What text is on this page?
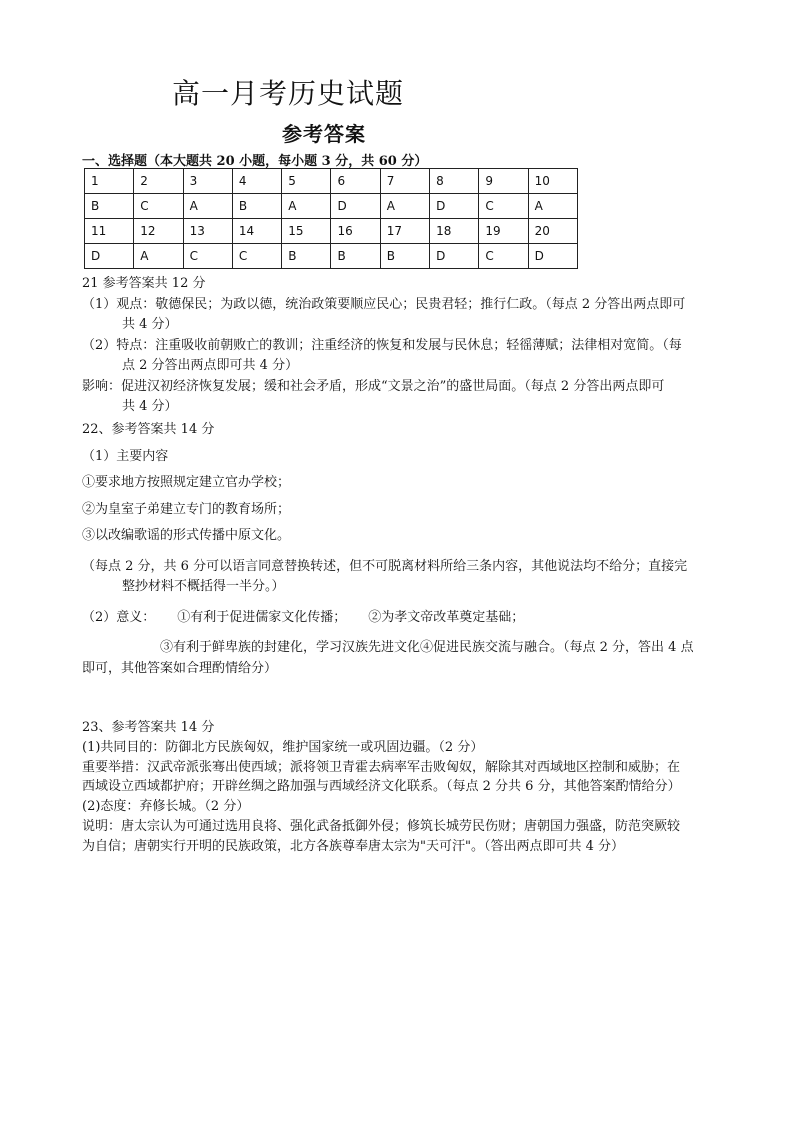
高一月考历史试题
参考答案
一、选择题（本大题共 20 小题，每小题 3 分，共 60 分）
1	2	3	4	5	6	7	8	9	10
B	C	A	B	A	D	A	D	C	A
11	12	13	14	15	16	17	18	19	20
D	A	C	C	B	B	B	D	C	D

21 参考答案共 12 分

（1）观点：敬德保民；为政以德，统治政策要顺应民心；民贵君轻；推行仁政。（每点 2 分答出两点即可

共 4 分）

（2）特点：注重吸收前朝败亡的教训；注重经济的恢复和发展与民休息；轻徭薄赋；法律相对宽简。（每

点 2 分答出两点即可共 4 分）

影响：促进汉初经济恢复发展；缓和社会矛盾，形成“文景之治”的盛世局面。（每点 2 分答出两点即可

共 4 分）

22、参考答案共 14 分

（1）主要内容

①要求地方按照规定建立官办学校；

②为皇室子弟建立专门的教育场所；

③以改编歌谣的形式传播中原文化。

（每点 2 分，共 6 分可以语言同意替换转述，但不可脱离材料所给三条内容，其他说法均不给分；直接完

整抄材料不概括得一半分。）

（2）意义： ①有利于促进儒家文化传播； ②为孝文帝改革奠定基础；

③有利于鲜卑族的封建化，学习汉族先进文化④促进民族交流与融合。（每点 2 分，答出 4 点

即可，其他答案如合理酌情给分）

23、参考答案共 14 分

(1)共同目的：防御北方民族匈奴，维护国家统一或巩固边疆。（2 分）

重要举措：汉武帝派张骞出使西域；派将领卫青霍去病率军击败匈奴，解除其对西域地区控制和威胁；在

西域设立西域都护府；开辟丝绸之路加强与西域经济文化联系。（每点 2 分共 6 分，其他答案酌情给分）

(2)态度：弃修长城。（2 分）

说明：唐太宗认为可通过选用良将、强化武备抵御外侵；修筑长城劳民伤财；唐朝国力强盛，防范突厥较

为自信；唐朝实行开明的民族政策，北方各族尊奉唐太宗为"天可汗"。（答出两点即可共 4 分）
